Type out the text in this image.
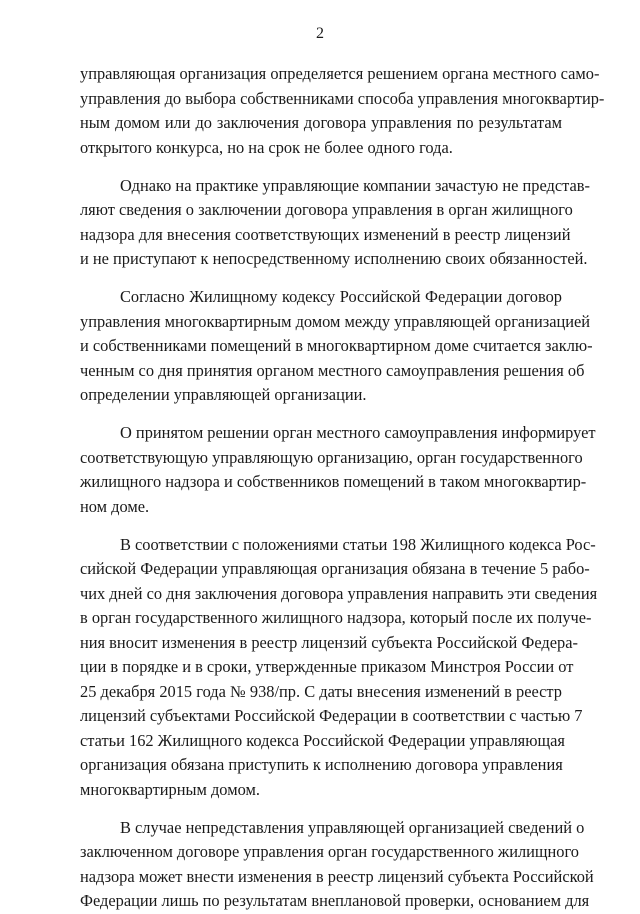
2
управляющая организация определяется решением органа местного само-
управления до выбора собственниками способа управления многоквартир-
ным домом или до заключения договора управления по результатам
открытого конкурса, но на срок не более одного года.
Однако на практике управляющие компании зачастую не представ-
ляют сведения о заключении договора управления в орган жилищного
надзора для внесения соответствующих изменений в реестр лицензий
и не приступают к непосредственному исполнению своих обязанностей.
Согласно Жилищному кодексу Российской Федерации договор
управления многоквартирным домом между управляющей организацией
и собственниками помещений в многоквартирном доме считается заклю-
ченным со дня принятия органом местного самоуправления решения об
определении управляющей организации.
О принятом решении орган местного самоуправления информирует
соответствующую управляющую организацию, орган государственного
жилищного надзора и собственников помещений в таком многоквартир-
ном доме.
В соответствии с положениями статьи 198 Жилищного кодекса Рос-
сийской Федерации управляющая организация обязана в течение 5 рабо-
чих дней со дня заключения договора управления направить эти сведения
в орган государственного жилищного надзора, который после их получе-
ния вносит изменения в реестр лицензий субъекта Российской Федера-
ции в порядке и в сроки, утвержденные приказом Минстроя России от
25 декабря 2015 года № 938/пр. С даты внесения изменений в реестр
лицензий субъектами Российской Федерации в соответствии с частью 7
статьи 162 Жилищного кодекса Российской Федерации управляющая
организация обязана приступить к исполнению договора управления
многоквартирным домом.
В случае непредставления управляющей организацией сведений о
заключенном договоре управления орган государственного жилищного
надзора может внести изменения в реестр лицензий субъекта Российской
Федерации лишь по результатам внеплановой проверки, основанием для
